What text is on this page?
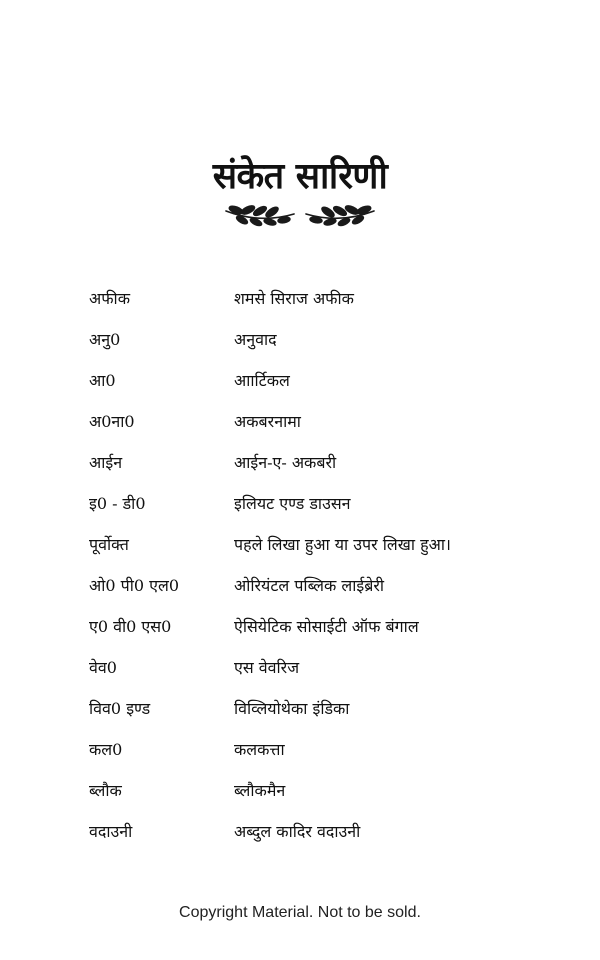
संकेत सारिणी
अफीक	शमसे सिराज अफीक
अनु0	अनुवाद
आ0	आार्टिकल
अ0ना0	अकबरनामा
आईन	आईन-ए- अकबरी
इ0 - डी0	इलियट एण्ड डाउसन
पूर्वोक्त	पहले लिखा हुआ या उपर लिखा हुआ।
ओ0 पी0 एल0	ओरियंटल पब्लिक लाईब्रेरी
ए0 वी0 एस0	ऐसियेटिक सोसाईटी ऑफ बंगाल
वेव0	एस वेवरिज
विव0 इण्ड	विव्लियोथेका इंडिका
कल0	कलकत्ता
ब्लौक	ब्लौकमैन
वदाउनी	अब्दुल कादिर वदाउनी
Copyright Material. Not to be sold.
